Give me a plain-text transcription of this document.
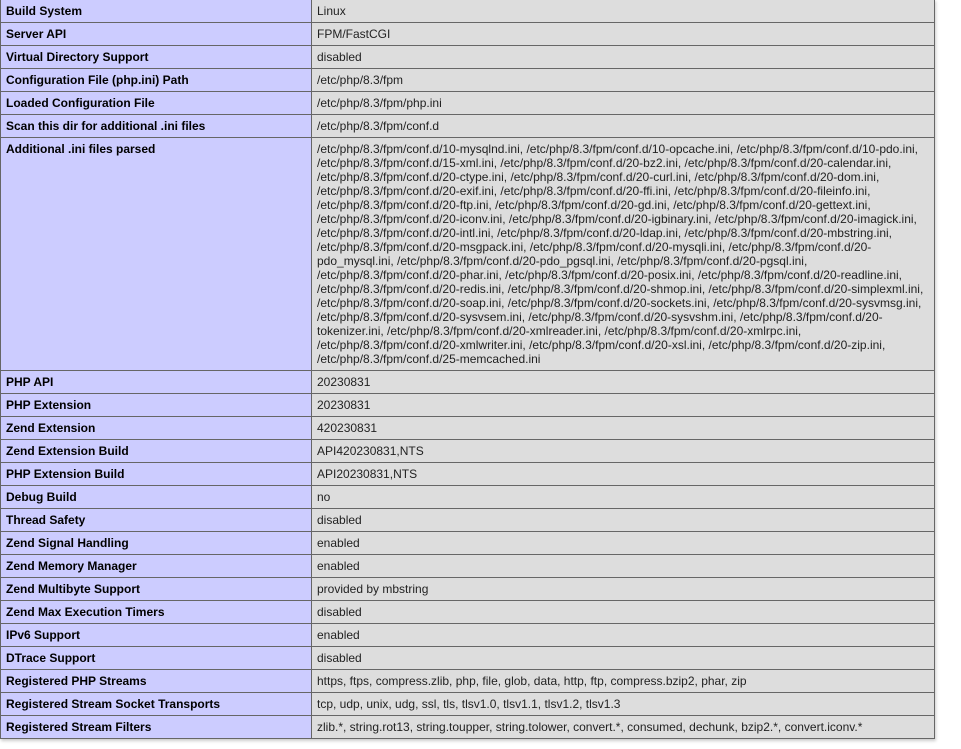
Build System	Linux
Server API	FPM/FastCGI
Virtual Directory Support	disabled
Configuration File (php.ini) Path	/etc/php/8.3/fpm
Loaded Configuration File	/etc/php/8.3/fpm/php.ini
Scan this dir for additional .ini files	/etc/php/8.3/fpm/conf.d
Additional .ini files parsed	/etc/php/8.3/fpm/conf.d/10-mysqlnd.ini, /etc/php/8.3/fpm/conf.d/10-opcache.ini, /etc/php/8.3/fpm/conf.d/10-pdo.ini, /etc/php/8.3/fpm/conf.d/15-xml.ini, /etc/php/8.3/fpm/conf.d/20-bz2.ini, /etc/php/8.3/fpm/conf.d/20-calendar.ini, /etc/php/8.3/fpm/conf.d/20-ctype.ini, /etc/php/8.3/fpm/conf.d/20-curl.ini, /etc/php/8.3/fpm/conf.d/20-dom.ini, /etc/php/8.3/fpm/conf.d/20-exif.ini, /etc/php/8.3/fpm/conf.d/20-ffi.ini, /etc/php/8.3/fpm/conf.d/20-fileinfo.ini, /etc/php/8.3/fpm/conf.d/20-ftp.ini, /etc/php/8.3/fpm/conf.d/20-gd.ini, /etc/php/8.3/fpm/conf.d/20-gettext.ini, /etc/php/8.3/fpm/conf.d/20-iconv.ini, /etc/php/8.3/fpm/conf.d/20-igbinary.ini, /etc/php/8.3/fpm/conf.d/20-imagick.ini, /etc/php/8.3/fpm/conf.d/20-intl.ini, /etc/php/8.3/fpm/conf.d/20-ldap.ini, /etc/php/8.3/fpm/conf.d/20-mbstring.ini, /etc/php/8.3/fpm/conf.d/20-msgpack.ini, /etc/php/8.3/fpm/conf.d/20-mysqli.ini, /etc/php/8.3/fpm/conf.d/20-pdo_mysql.ini, /etc/php/8.3/fpm/conf.d/20-pdo_pgsql.ini, /etc/php/8.3/fpm/conf.d/20-pgsql.ini, /etc/php/8.3/fpm/conf.d/20-phar.ini, /etc/php/8.3/fpm/conf.d/20-posix.ini, /etc/php/8.3/fpm/conf.d/20-readline.ini, /etc/php/8.3/fpm/conf.d/20-redis.ini, /etc/php/8.3/fpm/conf.d/20-shmop.ini, /etc/php/8.3/fpm/conf.d/20-simplexml.ini, /etc/php/8.3/fpm/conf.d/20-soap.ini, /etc/php/8.3/fpm/conf.d/20-sockets.ini, /etc/php/8.3/fpm/conf.d/20-sysvmsg.ini, /etc/php/8.3/fpm/conf.d/20-sysvsem.ini, /etc/php/8.3/fpm/conf.d/20-sysvshm.ini, /etc/php/8.3/fpm/conf.d/20-tokenizer.ini, /etc/php/8.3/fpm/conf.d/20-xmlreader.ini, /etc/php/8.3/fpm/conf.d/20-xmlrpc.ini, /etc/php/8.3/fpm/conf.d/20-xmlwriter.ini, /etc/php/8.3/fpm/conf.d/20-xsl.ini, /etc/php/8.3/fpm/conf.d/20-zip.ini, /etc/php/8.3/fpm/conf.d/25-memcached.ini
PHP API	20230831
PHP Extension	20230831
Zend Extension	420230831
Zend Extension Build	API420230831,NTS
PHP Extension Build	API20230831,NTS
Debug Build	no
Thread Safety	disabled
Zend Signal Handling	enabled
Zend Memory Manager	enabled
Zend Multibyte Support	provided by mbstring
Zend Max Execution Timers	disabled
IPv6 Support	enabled
DTrace Support	disabled
Registered PHP Streams	https, ftps, compress.zlib, php, file, glob, data, http, ftp, compress.bzip2, phar, zip
Registered Stream Socket Transports	tcp, udp, unix, udg, ssl, tls, tlsv1.0, tlsv1.1, tlsv1.2, tlsv1.3
Registered Stream Filters	zlib.*, string.rot13, string.toupper, string.tolower, convert.*, consumed, dechunk, bzip2.*, convert.iconv.*
